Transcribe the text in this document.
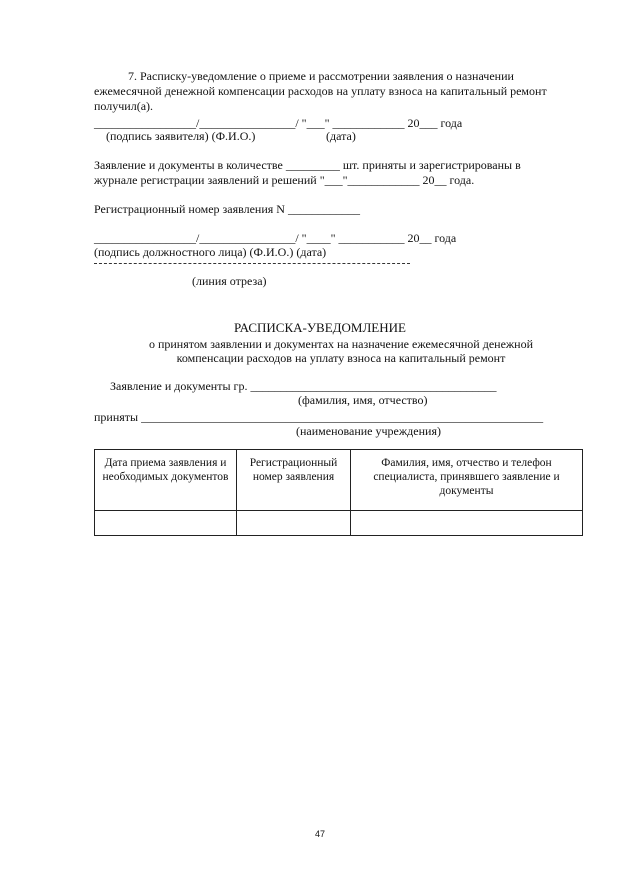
7. Расписку-уведомление о приеме и рассмотрении заявления о назначении
ежемесячной денежной компенсации расходов на уплату взноса на капитальный ремонт
получил(а).
_________________/________________/ "___" ____________ 20___ года
(подпись заявителя) (Ф.И.О.)	(дата)
Заявление и документы в количестве _________ шт. приняты и зарегистрированы в
журнале регистрации заявлений и решений "___"____________ 20__ года.
Регистрационный номер заявления N ____________
_________________/________________/ "____" ___________ 20__ года
(подпись должностного лица) (Ф.И.О.) (дата)
(линия отреза)
РАСПИСКА-УВЕДОМЛЕНИЕ
о принятом заявлении и документах на назначение ежемесячной денежной
компенсации расходов на уплату взноса на капитальный ремонт
Заявление и документы гр. _________________________________________
(фамилия, имя, отчество)
приняты ___________________________________________________________________
(наименование учреждения)
Дата приема заявления и необходимых документов	Регистрационный номер заявления	Фамилия, имя, отчество и телефон специалиста, принявшего заявление и документы

47
